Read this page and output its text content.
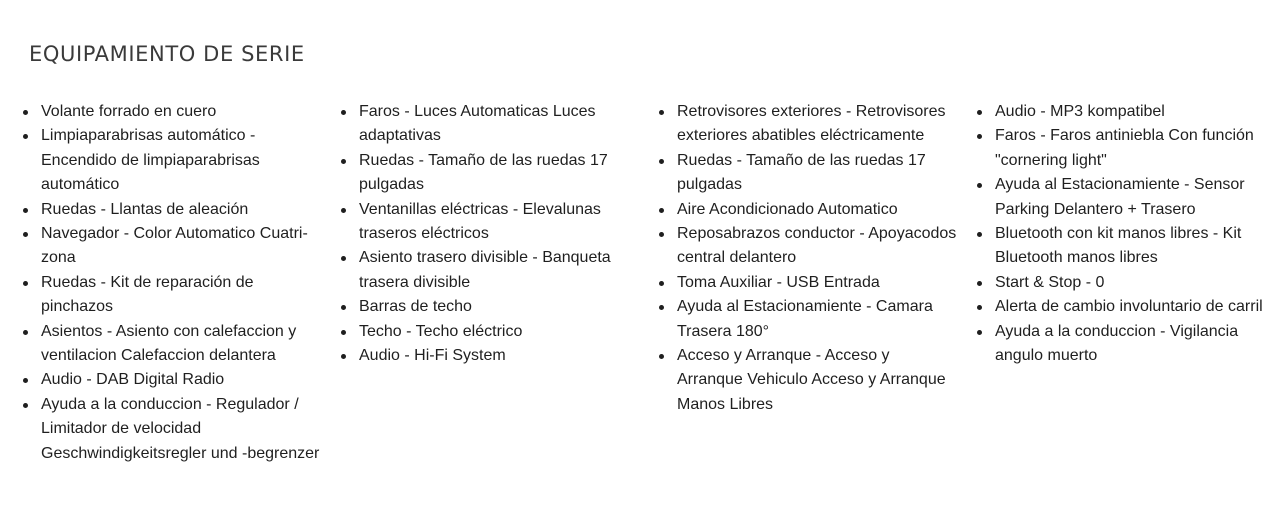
EQUIPAMIENTO DE SERIE
Volante forrado en cuero
Limpiaparabrisas automático - Encendido de limpiaparabrisas automático
Ruedas - Llantas de aleación
Navegador - Color Automatico Cuatri-zona
Ruedas - Kit de reparación de pinchazos
Asientos - Asiento con calefaccion y ventilacion Calefaccion delantera
Audio - DAB Digital Radio
Ayuda a la conduccion - Regulador / Limitador de velocidad Geschwindigkeitsregler und -begrenzer
Faros - Luces Automaticas Luces adaptativas
Ruedas - Tamaño de las ruedas 17 pulgadas
Ventanillas eléctricas - Elevalunas traseros eléctricos
Asiento trasero divisible - Banqueta trasera divisible
Barras de techo
Techo - Techo eléctrico
Audio - Hi-Fi System
Retrovisores exteriores - Retrovisores exteriores abatibles eléctricamente
Ruedas - Tamaño de las ruedas 17 pulgadas
Aire Acondicionado Automatico
Reposabrazos conductor - Apoyacodos central delantero
Toma Auxiliar - USB Entrada
Ayuda al Estacionamiente - Camara Trasera 180°
Acceso y Arranque - Acceso y Arranque Vehiculo Acceso y Arranque Manos Libres
Audio - MP3 kompatibel
Faros - Faros antiniebla Con función "cornering light"
Ayuda al Estacionamiente - Sensor Parking Delantero + Trasero
Bluetooth con kit manos libres - Kit Bluetooth manos libres
Start & Stop - 0
Alerta de cambio involuntario de carril
Ayuda a la conduccion - Vigilancia angulo muerto
